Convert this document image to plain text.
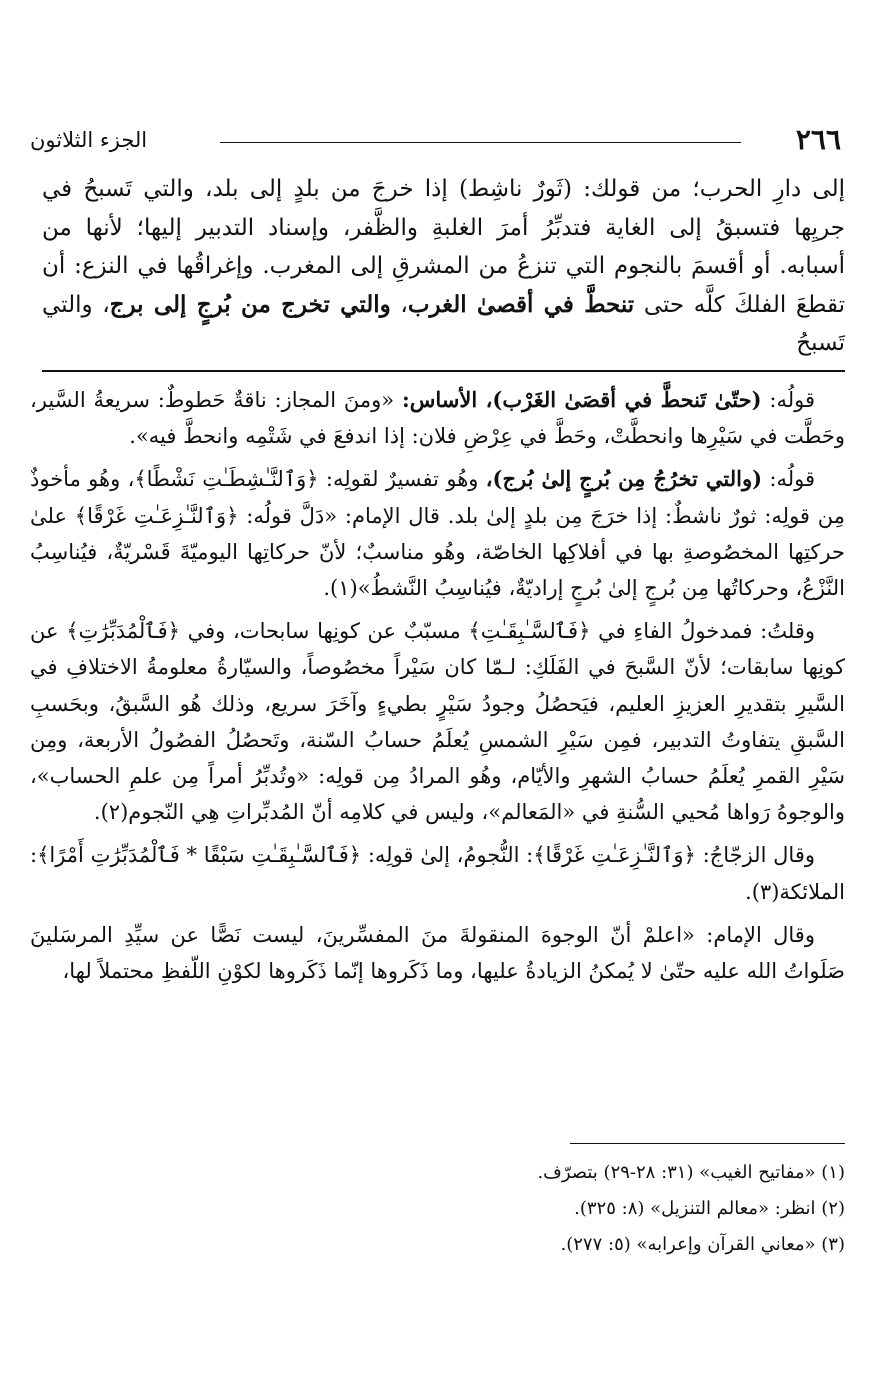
٢٦٦
الجزء الثلاثون

إلى دارِ الحرب؛ من قولك: (ثَورٌ ناشِط) إذا خرجَ من بلدٍ إلى بلد، والتي تَسبحُ في

جريِها فتسبقُ إلى الغاية فتدبِّرُ أمرَ الغلبةِ والظَّفر، وإسناد التدبير إليها؛ لأنها من

أسبابه. أو أقسمَ بالنجوم التي تنزعُ من المشرقِ إلى المغرب. وإغراقُها في النزع: أن

تقطعَ الفلكَ كلَّه حتى تنحطَّ في أقصىٰ الغرب، والتي تخرج من بُرجٍ إلى برج، والتي تَسبحُ

قولُه: (حتّىٰ تَنحطَّ في أقصَىٰ الغَرْب)، الأساس: «ومنَ المجاز: ناقةٌ حَطوطٌ: سريعةُ السَّير، وحَطَّت في سَيْرِها وانحطَّتْ، وحَطَّ في عِرْضِ فلان: إذا اندفعَ في شَتْمِه وانحطَّ فيه».

قولُه: (والتي تخرُجُ مِن بُرجٍ إلىٰ بُرج)، وهُو تفسيرٌ لقولِه: ﴿وَٱلنَّـٰشِطَـٰتِ نَشْطًا﴾، وهُو مأخوذٌ مِن قولِه: ثورٌ ناشطٌ: إذا خرَجَ مِن بلدٍ إلىٰ بلد. قال الإمام: «دَلَّ قولُه: ﴿وَٱلنَّـٰزِعَـٰتِ غَرْقًا﴾ علىٰ حركتِها المخصُوصةِ بها في أفلاكِها الخاصّة، وهُو مناسبٌ؛ لأنّ حركاتِها اليوميّةَ قَسْريّةٌ، فيُناسِبُ النَّزْعُ، وحركاتُها مِن بُرجٍ إلىٰ بُرجٍ إراديّةٌ، فيُناسِبُ النَّشطُ»(١).

وقلتُ: فمدخولُ الفاءِ في ﴿فَٱلسَّـٰبِقَـٰتِ﴾ مسبّبٌ عن كونِها سابحات، وفي ﴿فَٱلْمُدَبِّرَٰتِ﴾ عن كونِها سابقات؛ لأنّ السَّبحَ في الفَلَكِ: لـمّا كان سَيْراً مخصُوصاً، والسيّارةُ معلومةُ الاختلافِ في السَّيرِ بتقديرِ العزيزِ العليم، فيَحصُلُ وجودُ سَيْرٍ بطيءٍ وآخَرَ سريع، وذلك هُو السَّبقُ، وبحَسبِ السَّبقِ يتفاوتُ التدبير، فمِن سَيْرِ الشمسِ يُعلَمُ حسابُ السّنة، وتَحصُلُ الفصُولُ الأربعة، ومِن سَيْرِ القمرِ يُعلَمُ حسابُ الشهرِ والأيّام، وهُو المرادُ مِن قولِه: «وتُدبِّرُ أمراً مِن علمِ الحساب»، والوجوهُ رَواها مُحيي السُّنةِ في «المَعالم»، وليس في كلامِه أنّ المُدبِّراتِ هِي النّجوم(٢).

وقال الزجّاجُ: ﴿وَٱلنَّـٰزِعَـٰتِ غَرْقًا﴾: النُّجومُ، إلىٰ قولِه: ﴿فَٱلسَّـٰبِقَـٰتِ سَبْقًا * فَٱلْمُدَبِّرَٰتِ أَمْرًا﴾: الملائكة(٣).

وقال الإمام: «اعلمْ أنّ الوجوهَ المنقولةَ منَ المفسِّرينَ، ليست نَصًّا عن سيِّدِ المرسَلينَ صَلَواتُ الله عليه حتّىٰ لا يُمكنُ الزيادةُ عليها، وما ذَكَروها إنّما ذَكَروها لكوْنِ اللّفظِ محتملاً لها،

(١) «مفاتيح الغيب» (٣١: ٢٨-٢٩) بتصرّف.

(٢) انظر: «معالم التنزيل» (٨: ٣٢٥).

(٣) «معاني القرآن وإعرابه» (٥: ٢٧٧).
